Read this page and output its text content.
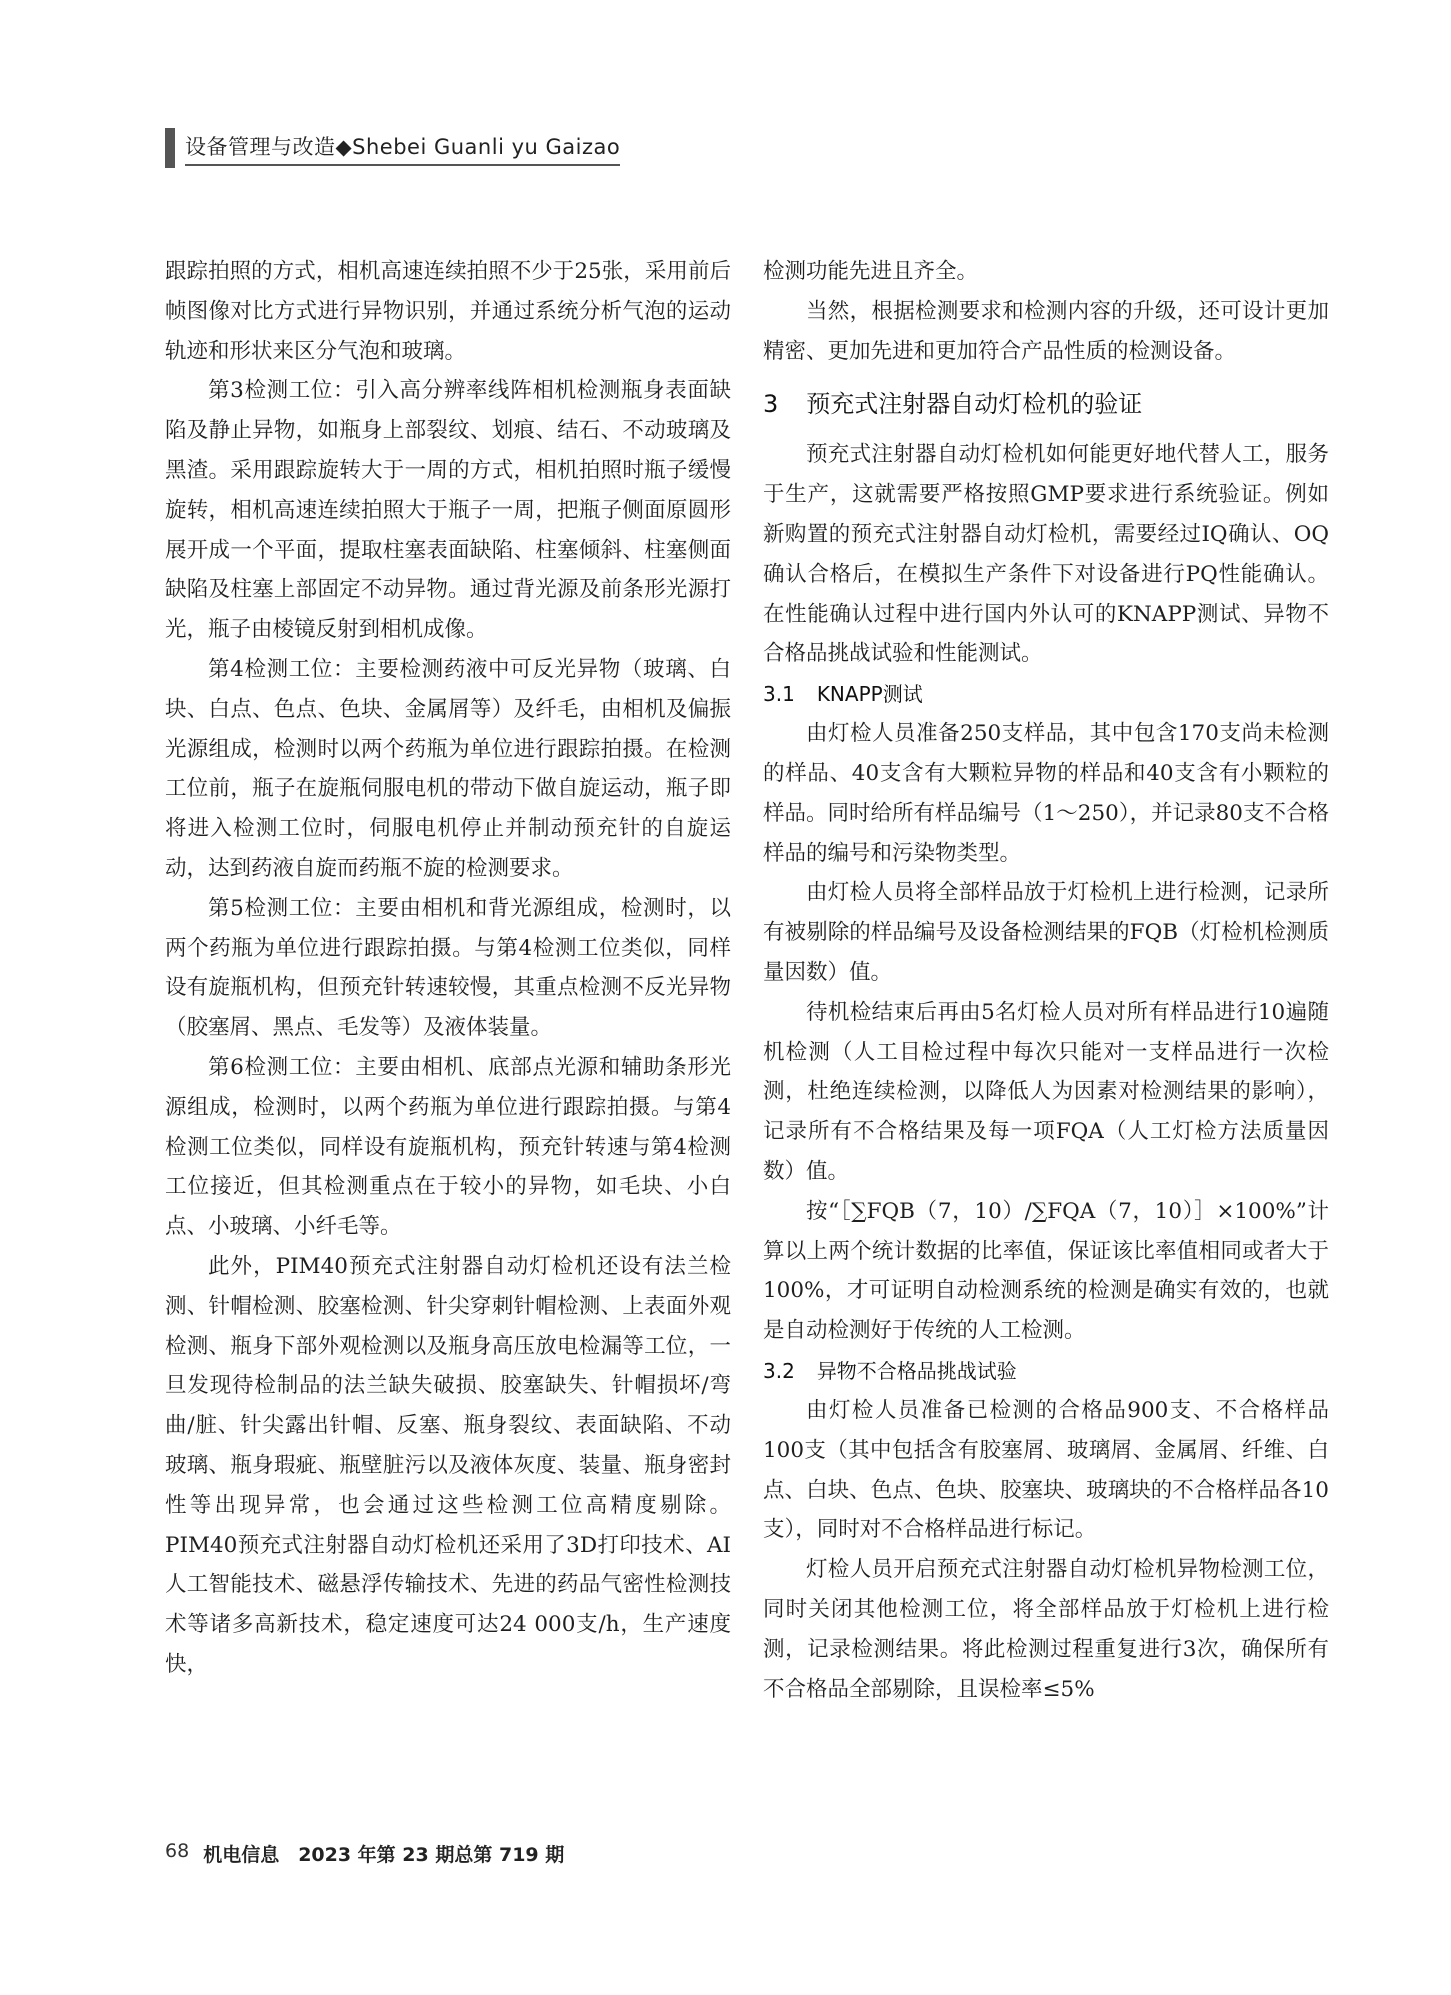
设备管理与改造◆Shebei Guanli yu Gaizao

跟踪拍照的方式，相机高速连续拍照不少于25张，采用前后帧图像对比方式进行异物识别，并通过系统分析气泡的运动轨迹和形状来区分气泡和玻璃。

第3检测工位：引入高分辨率线阵相机检测瓶身表面缺陷及静止异物，如瓶身上部裂纹、划痕、结石、不动玻璃及黑渣。采用跟踪旋转大于一周的方式，相机拍照时瓶子缓慢旋转，相机高速连续拍照大于瓶子一周，把瓶子侧面原圆形展开成一个平面，提取柱塞表面缺陷、柱塞倾斜、柱塞侧面缺陷及柱塞上部固定不动异物。通过背光源及前条形光源打光，瓶子由棱镜反射到相机成像。

第4检测工位：主要检测药液中可反光异物（玻璃、白块、白点、色点、色块、金属屑等）及纤毛，由相机及偏振光源组成，检测时以两个药瓶为单位进行跟踪拍摄。在检测工位前，瓶子在旋瓶伺服电机的带动下做自旋运动，瓶子即将进入检测工位时，伺服电机停止并制动预充针的自旋运动，达到药液自旋而药瓶不旋的检测要求。

第5检测工位：主要由相机和背光源组成，检测时，以两个药瓶为单位进行跟踪拍摄。与第4检测工位类似，同样设有旋瓶机构，但预充针转速较慢，其重点检测不反光异物（胶塞屑、黑点、毛发等）及液体装量。

第6检测工位：主要由相机、底部点光源和辅助条形光源组成，检测时，以两个药瓶为单位进行跟踪拍摄。与第4检测工位类似，同样设有旋瓶机构，预充针转速与第4检测工位接近，但其检测重点在于较小的异物，如毛块、小白点、小玻璃、小纤毛等。

此外，PIM40预充式注射器自动灯检机还设有法兰检测、针帽检测、胶塞检测、针尖穿刺针帽检测、上表面外观检测、瓶身下部外观检测以及瓶身高压放电检漏等工位，一旦发现待检制品的法兰缺失破损、胶塞缺失、针帽损坏/弯曲/脏、针尖露出针帽、反塞、瓶身裂纹、表面缺陷、不动玻璃、瓶身瑕疵、瓶壁脏污以及液体灰度、装量、瓶身密封性等出现异常，也会通过这些检测工位高精度剔除。PIM40预充式注射器自动灯检机还采用了3D打印技术、AI人工智能技术、磁悬浮传输技术、先进的药品气密性检测技术等诸多高新技术，稳定速度可达24 000支/h，生产速度快，

检测功能先进且齐全。

当然，根据检测要求和检测内容的升级，还可设计更加精密、更加先进和更加符合产品性质的检测设备。

3 预充式注射器自动灯检机的验证

预充式注射器自动灯检机如何能更好地代替人工，服务于生产，这就需要严格按照GMP要求进行系统验证。例如新购置的预充式注射器自动灯检机，需要经过IQ确认、OQ确认合格后，在模拟生产条件下对设备进行PQ性能确认。在性能确认过程中进行国内外认可的KNAPP测试、异物不合格品挑战试验和性能测试。

3.1 KNAPP测试

由灯检人员准备250支样品，其中包含170支尚未检测的样品、40支含有大颗粒异物的样品和40支含有小颗粒的样品。同时给所有样品编号（1～250），并记录80支不合格样品的编号和污染物类型。

由灯检人员将全部样品放于灯检机上进行检测，记录所有被剔除的样品编号及设备检测结果的FQB（灯检机检测质量因数）值。

待机检结束后再由5名灯检人员对所有样品进行10遍随机检测（人工目检过程中每次只能对一支样品进行一次检测，杜绝连续检测，以降低人为因素对检测结果的影响），记录所有不合格结果及每一项FQA（人工灯检方法质量因数）值。

按“［∑FQB（7，10）/∑FQA（7，10）］×100%”计算以上两个统计数据的比率值，保证该比率值相同或者大于100%，才可证明自动检测系统的检测是确实有效的，也就是自动检测好于传统的人工检测。

3.2 异物不合格品挑战试验

由灯检人员准备已检测的合格品900支、不合格样品100支（其中包括含有胶塞屑、玻璃屑、金属屑、纤维、白点、白块、色点、色块、胶塞块、玻璃块的不合格样品各10支），同时对不合格样品进行标记。

灯检人员开启预充式注射器自动灯检机异物检测工位，同时关闭其他检测工位，将全部样品放于灯检机上进行检测，记录检测结果。将此检测过程重复进行3次，确保所有不合格品全部剔除，且误检率≤5%

68 机电信息　2023 年第 23 期总第 719 期
